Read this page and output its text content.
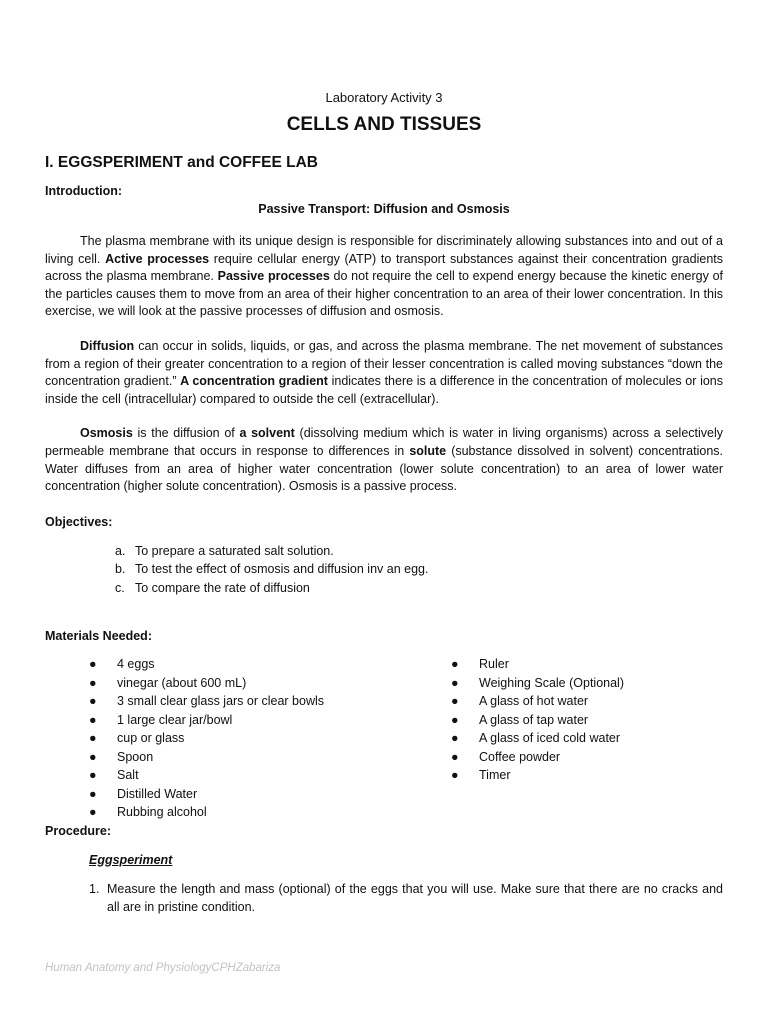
Laboratory Activity 3

CELLS AND TISSUES

I. EGGSPERIMENT and COFFEE LAB

Introduction:

Passive Transport: Diffusion and Osmosis

The plasma membrane with its unique design is responsible for discriminately allowing substances into and out of a living cell. Active processes require cellular energy (ATP) to transport substances against their concentration gradients across the plasma membrane. Passive processes do not require the cell to expend energy because the kinetic energy of the particles causes them to move from an area of their higher concentration to an area of their lower concentration. In this exercise, we will look at the passive processes of diffusion and osmosis.

Diffusion can occur in solids, liquids, or gas, and across the plasma membrane. The net movement of substances from a region of their greater concentration to a region of their lesser concentration is called moving substances “down the concentration gradient.” A concentration gradient indicates there is a difference in the concentration of molecules or ions inside the cell (intracellular) compared to outside the cell (extracellular).

Osmosis is the diffusion of a solvent (dissolving medium which is water in living organisms) across a selectively permeable membrane that occurs in response to differences in solute (substance dissolved in solvent) concentrations. Water diffuses from an area of higher water concentration (lower solute concentration) to an area of lower water concentration (higher solute concentration). Osmosis is a passive process.

Objectives:

a. To prepare a saturated salt solution.
b. To test the effect of osmosis and diffusion inv an egg.
c. To compare the rate of diffusion

Materials Needed:

●	4 eggs
●	vinegar (about 600 mL)
●	3 small clear glass jars or clear bowls
●	1 large clear jar/bowl
●	cup or glass
●	Spoon
●	Salt
●	Distilled Water
●	Rubbing alcohol
●	Ruler
●	Weighing Scale (Optional)
●	A glass of hot water
●	A glass of tap water
●	A glass of iced cold water
●	Coffee powder
●	Timer

Procedure:

Eggsperiment

1. Measure the length and mass (optional) of the eggs that you will use. Make sure that there are no cracks and all are in pristine condition.
Human Anatomy and PhysiologyCPHZabariza
